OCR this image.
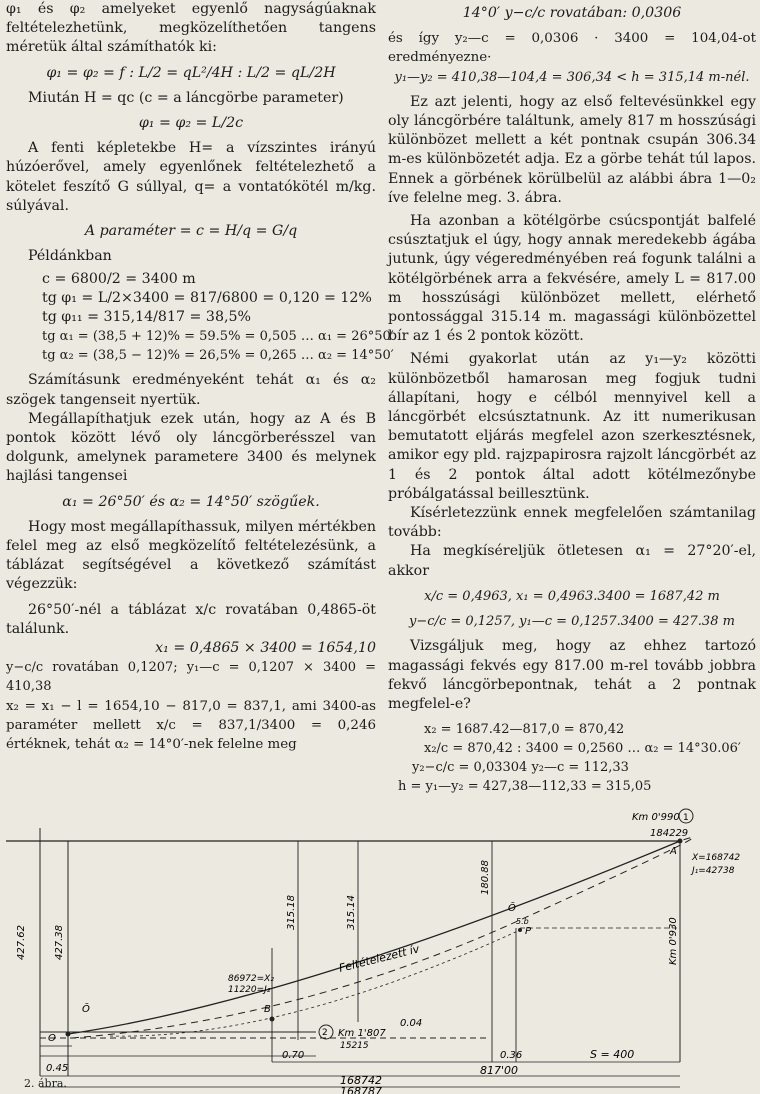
φ₁ és φ₂ amelyeket egyenlő nagyságúaknak feltételezhetünk, megközelíthetően tangens méretük által számíthatók ki:

φ₁ = φ₂ = f : L/2 = qL²/4H : L/2 = qL/2H

Miután H = qc (c = a láncgörbe parameter)

φ₁ = φ₂ = L/2c

A fenti képletekbe H= a vízszintes irányú húzóerővel, amely egyenlőnek feltételezhető a kötelet feszítő G súllyal, q= a vontatókötél m/kg. súlyával.

A paraméter = c = H/q = G/q

Példánkban

c = 6800/2 = 3400 m
tg φ₁ = L/2×3400 = 817/6800 = 0,120 = 12%
tg φ₁₁ = 315,14/817 = 38,5%
tg α₁ = (38,5 + 12)% = 59.5% = 0,505 … α₁ = 26°50′
tg α₂ = (38,5 − 12)% = 26,5% = 0,265 … α₂ = 14°50′

Számításunk eredményeként tehát α₁ és α₂ szögek tangenseit nyertük.

Megállapíthatjuk ezek után, hogy az A és B pontok között lévő oly láncgörberésszel van dolgunk, amelynek parametere 3400 és melynek hajlási tangensei

α₁ = 26°50′ és α₂ = 14°50′ szögűek.

Hogy most megállapíthassuk, milyen mértékben felel meg az első megközelítő feltételezésünk, a táblázat segítségével a következő számítást végezzük:

26°50′-nél a táblázat x/c rovatában 0,4865-öt találunk.

x₁ = 0,4865 × 3400 = 1654,10

y−c/c rovatában 0,1207; y₁—c = 0,1207 × 3400 = 410,38

x₂ = x₁ − l = 1654,10 − 817,0 = 837,1, ami 3400-as paraméter mellett x/c = 837,1/3400 = 0,246 értéknek, tehát α₂ = 14°0′-nek felelne meg

14°0′ y−c/c rovatában: 0,0306

és így y₂—c = 0,0306 · 3400 = 104,04-ot eredményezne·

y₁—y₂ = 410,38—104,4 = 306,34 < h = 315,14 m-nél.

Ez azt jelenti, hogy az első feltevésünkkel egy oly láncgörbére találtunk, amely 817 m hosszúsági különbözet mellett a két pontnak csupán 306.34 m-es különbözetét adja. Ez a görbe tehát túl lapos. Ennek a görbének körülbelül az alábbi ábra 1—0₂ íve felelne meg. 3. ábra.

Ha azonban a kötélgörbe csúcspontját balfelé csúsztatjuk el úgy, hogy annak meredekebb ágába jutunk, úgy végeredményében reá fogunk találni a kötélgörbének arra a fekvésére, amely L = 817.00 m hosszúsági különbözet mellett, elérhető pontossággal 315.14 m. magassági különbözettel bír az 1 és 2 pontok között.

Némi gyakorlat után az y₁—y₂ közötti különbözetből hamarosan meg fogjuk tudni állapítani, hogy e célból mennyivel kell a láncgörbét elcsúsztatnunk. Az itt numerikusan bemutatott eljárás megfelel azon szerkesztésnek, amikor egy pld. rajzpapirosra rajzolt láncgörbét az 1 és 2 pontok által adott kötélmezőnybe próbálgatással beillesztünk.

Kísérletezzünk ennek megfelelően számtanilag tovább:

Ha megkíséreljük ötletesen α₁ = 27°20′-el, akkor

x/c = 0,4963, x₁ = 0,4963.3400 = 1687,42 m

y−c/c = 0,1257, y₁—c = 0,1257.3400 = 427.38 m

Vizsgáljuk meg, hogy az ehhez tartozó magassági fekvés egy 817.00 m-rel tovább jobbra fekvő láncgörbepontnak, tehát a 2 pontnak megfelel-e?

x₂ = 1687.42—817,0 = 870,42
x₂/c = 870,42 : 3400 = 0,2560 … α₂ = 14°30.06′
y₂−c/c = 0,03304 y₂—c = 112,33
h = y₁—y₂ = 427,38—112,33 = 315,05
Km 0'990 1
184229
X=168742
J₁=42738
A
B
O
Ō
P
Ō
5.b
Feltételezett ív
86972=X₂
11220=J₂
2 Km 1'807
15215
427.62	427.38
315.18	315.14
180.88
Km 0'930
0.04
0.36
0.70
817'00
S = 400
0.45
168742
168787
2. ábra.
